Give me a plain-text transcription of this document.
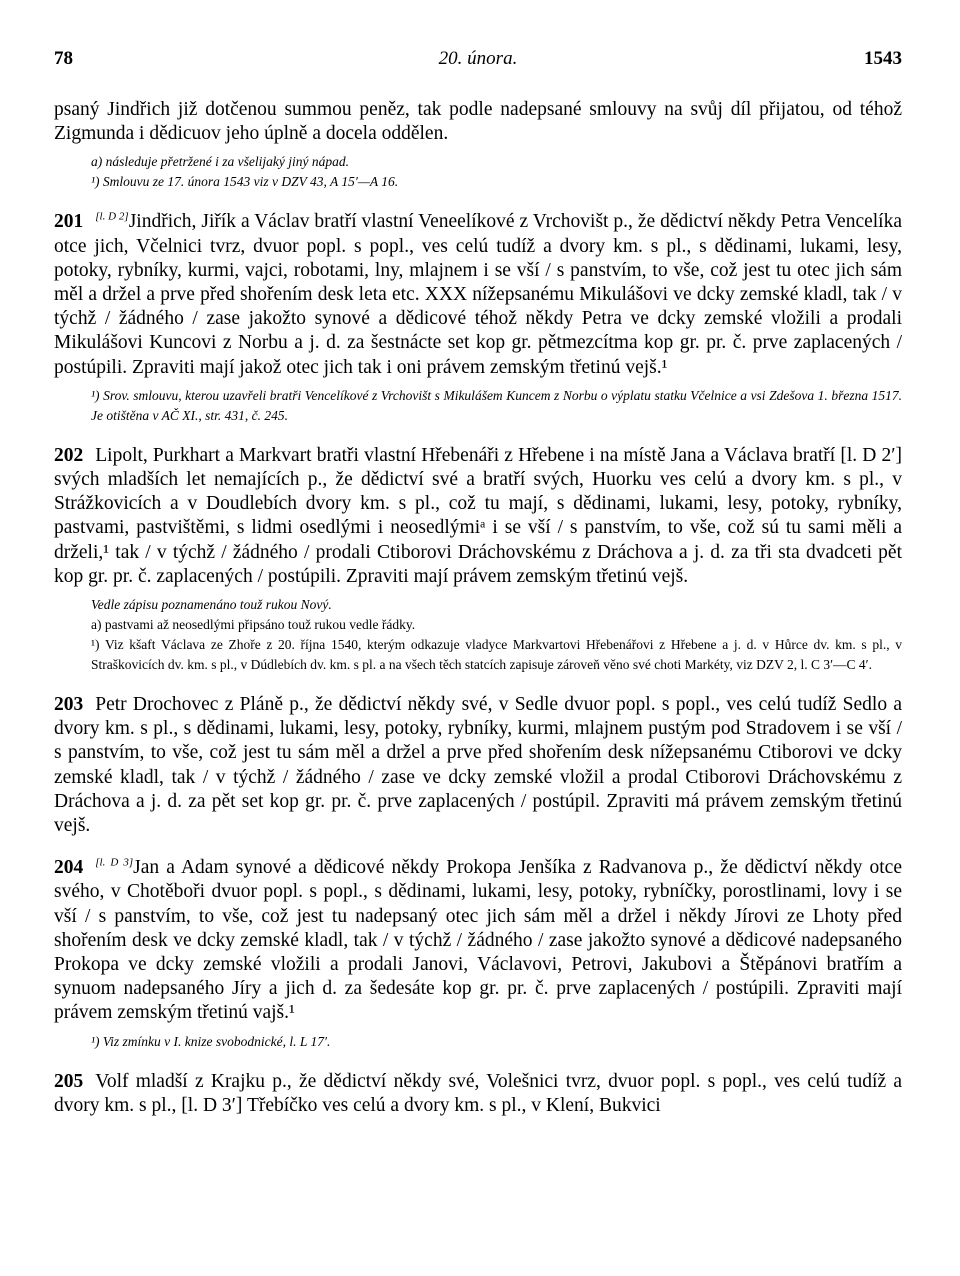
78	20. února.	1543

psaný Jindřich již dotčenou summou peněz, tak podle nadepsané smlouvy na svůj díl přijatou, od téhož Zigmunda i dědicuov jeho úplně a docela oddělen.

a) následuje přetržené i za všelijaký jiný nápad.

¹) Smlouvu ze 17. února 1543 viz v DZV 43, A 15′—A 16.

201 [l. D 2]Jindřich, Jiřík a Václav bratří vlastní Veneelíkové z Vrchovišt p., že dědictví někdy Petra Vencelíka otce jich, Včelnici tvrz, dvuor popl. s popl., ves celú tudíž a dvory km. s pl., s dědinami, lukami, lesy, potoky, rybníky, kurmi, vajci, robotami, lny, mlajnem i se vší / s panstvím, to vše, což jest tu otec jich sám měl a držel a prve před shořením desk leta etc. XXX nížepsanému Mikulášovi ve dcky zemské kladl, tak / v týchž / žádného / zase jakožto synové a dědicové téhož někdy Petra ve dcky zemské vložili a prodali Mikulášovi Kuncovi z Norbu a j. d. za šestnácte set kop gr. pětmezcítma kop gr. pr. č. prve zaplacených / postúpili. Zpraviti mají jakož otec jich tak i oni právem zemským třetinú vejš.¹

¹) Srov. smlouvu, kterou uzavřeli bratři Vencelíkové z Vrchovišt s Mikulášem Kuncem z Norbu o výplatu statku Včelnice a vsi Zdešova 1. března 1517. Je otištěna v AČ XI., str. 431, č. 245.

202 Lipolt, Purkhart a Markvart bratři vlastní Hřebenáři z Hřebene i na místě Jana a Václava bratří [l. D 2′] svých mladších let nemajících p., že dědictví své a bratří svých, Huorku ves celú a dvory km. s pl., v Strážkovicích a v Doudlebích dvory km. s pl., což tu mají, s dědinami, lukami, lesy, potoky, rybníky, pastvami, pastvištěmi, s lidmi osedlými i neosedlýmiᵃ i se vší / s panstvím, to vše, což sú tu sami měli a drželi,¹ tak / v týchž / žádného / prodali Ctiborovi Dráchovskému z Dráchova a j. d. za tři sta dvadceti pět kop gr. pr. č. zaplacených / postúpili. Zpraviti mají právem zemským třetinú vejš.

Vedle zápisu poznamenáno touž rukou Nový.

a) pastvami až neosedlými připsáno touž rukou vedle řádky.

¹) Viz kšaft Václava ze Zhoře z 20. října 1540, kterým odkazuje vladyce Markvartovi Hřebenářovi z Hřebene a j. d. v Hůrce dv. km. s pl., v Straškovicích dv. km. s pl., v Dúdlebích dv. km. s pl. a na všech těch statcích zapisuje zároveň věno své choti Markéty, viz DZV 2, l. C 3′—C 4′.

203 Petr Drochovec z Pláně p., že dědictví někdy své, v Sedle dvuor popl. s popl., ves celú tudíž Sedlo a dvory km. s pl., s dědinami, lukami, lesy, potoky, rybníky, kurmi, mlajnem pustým pod Stradovem i se vší / s panstvím, to vše, což jest tu sám měl a držel a prve před shořením desk nížepsanému Ctiborovi ve dcky zemské kladl, tak / v týchž / žádného / zase ve dcky zemské vložil a prodal Ctiborovi Dráchovskému z Dráchova a j. d. za pět set kop gr. pr. č. prve zaplacených / postúpil. Zpraviti má právem zemským třetinú vejš.

204 [l. D 3]Jan a Adam synové a dědicové někdy Prokopa Jenšíka z Radvanova p., že dědictví někdy otce svého, v Chotěboři dvuor popl. s popl., s dědinami, lukami, lesy, potoky, rybníčky, porostlinami, lovy i se vší / s panstvím, to vše, což jest tu nadepsaný otec jich sám měl a držel i někdy Jírovi ze Lhoty před shořením desk ve dcky zemské kladl, tak / v týchž / žádného / zase jakožto synové a dědicové nadepsaného Prokopa ve dcky zemské vložili a prodali Janovi, Václavovi, Petrovi, Jakubovi a Štěpánovi bratřím a synuom nadepsaného Jíry a jich d. za šedesáte kop gr. pr. č. prve zaplacených / postúpili. Zpraviti mají právem zemským třetinú vajš.¹

¹) Viz zmínku v I. knize svobodnické, l. L 17′.

205 Volf mladší z Krajku p., že dědictví někdy své, Volešnici tvrz, dvuor popl. s popl., ves celú tudíž a dvory km. s pl., [l. D 3′] Třebíčko ves celú a dvory km. s pl., v Klení, Bukvici
